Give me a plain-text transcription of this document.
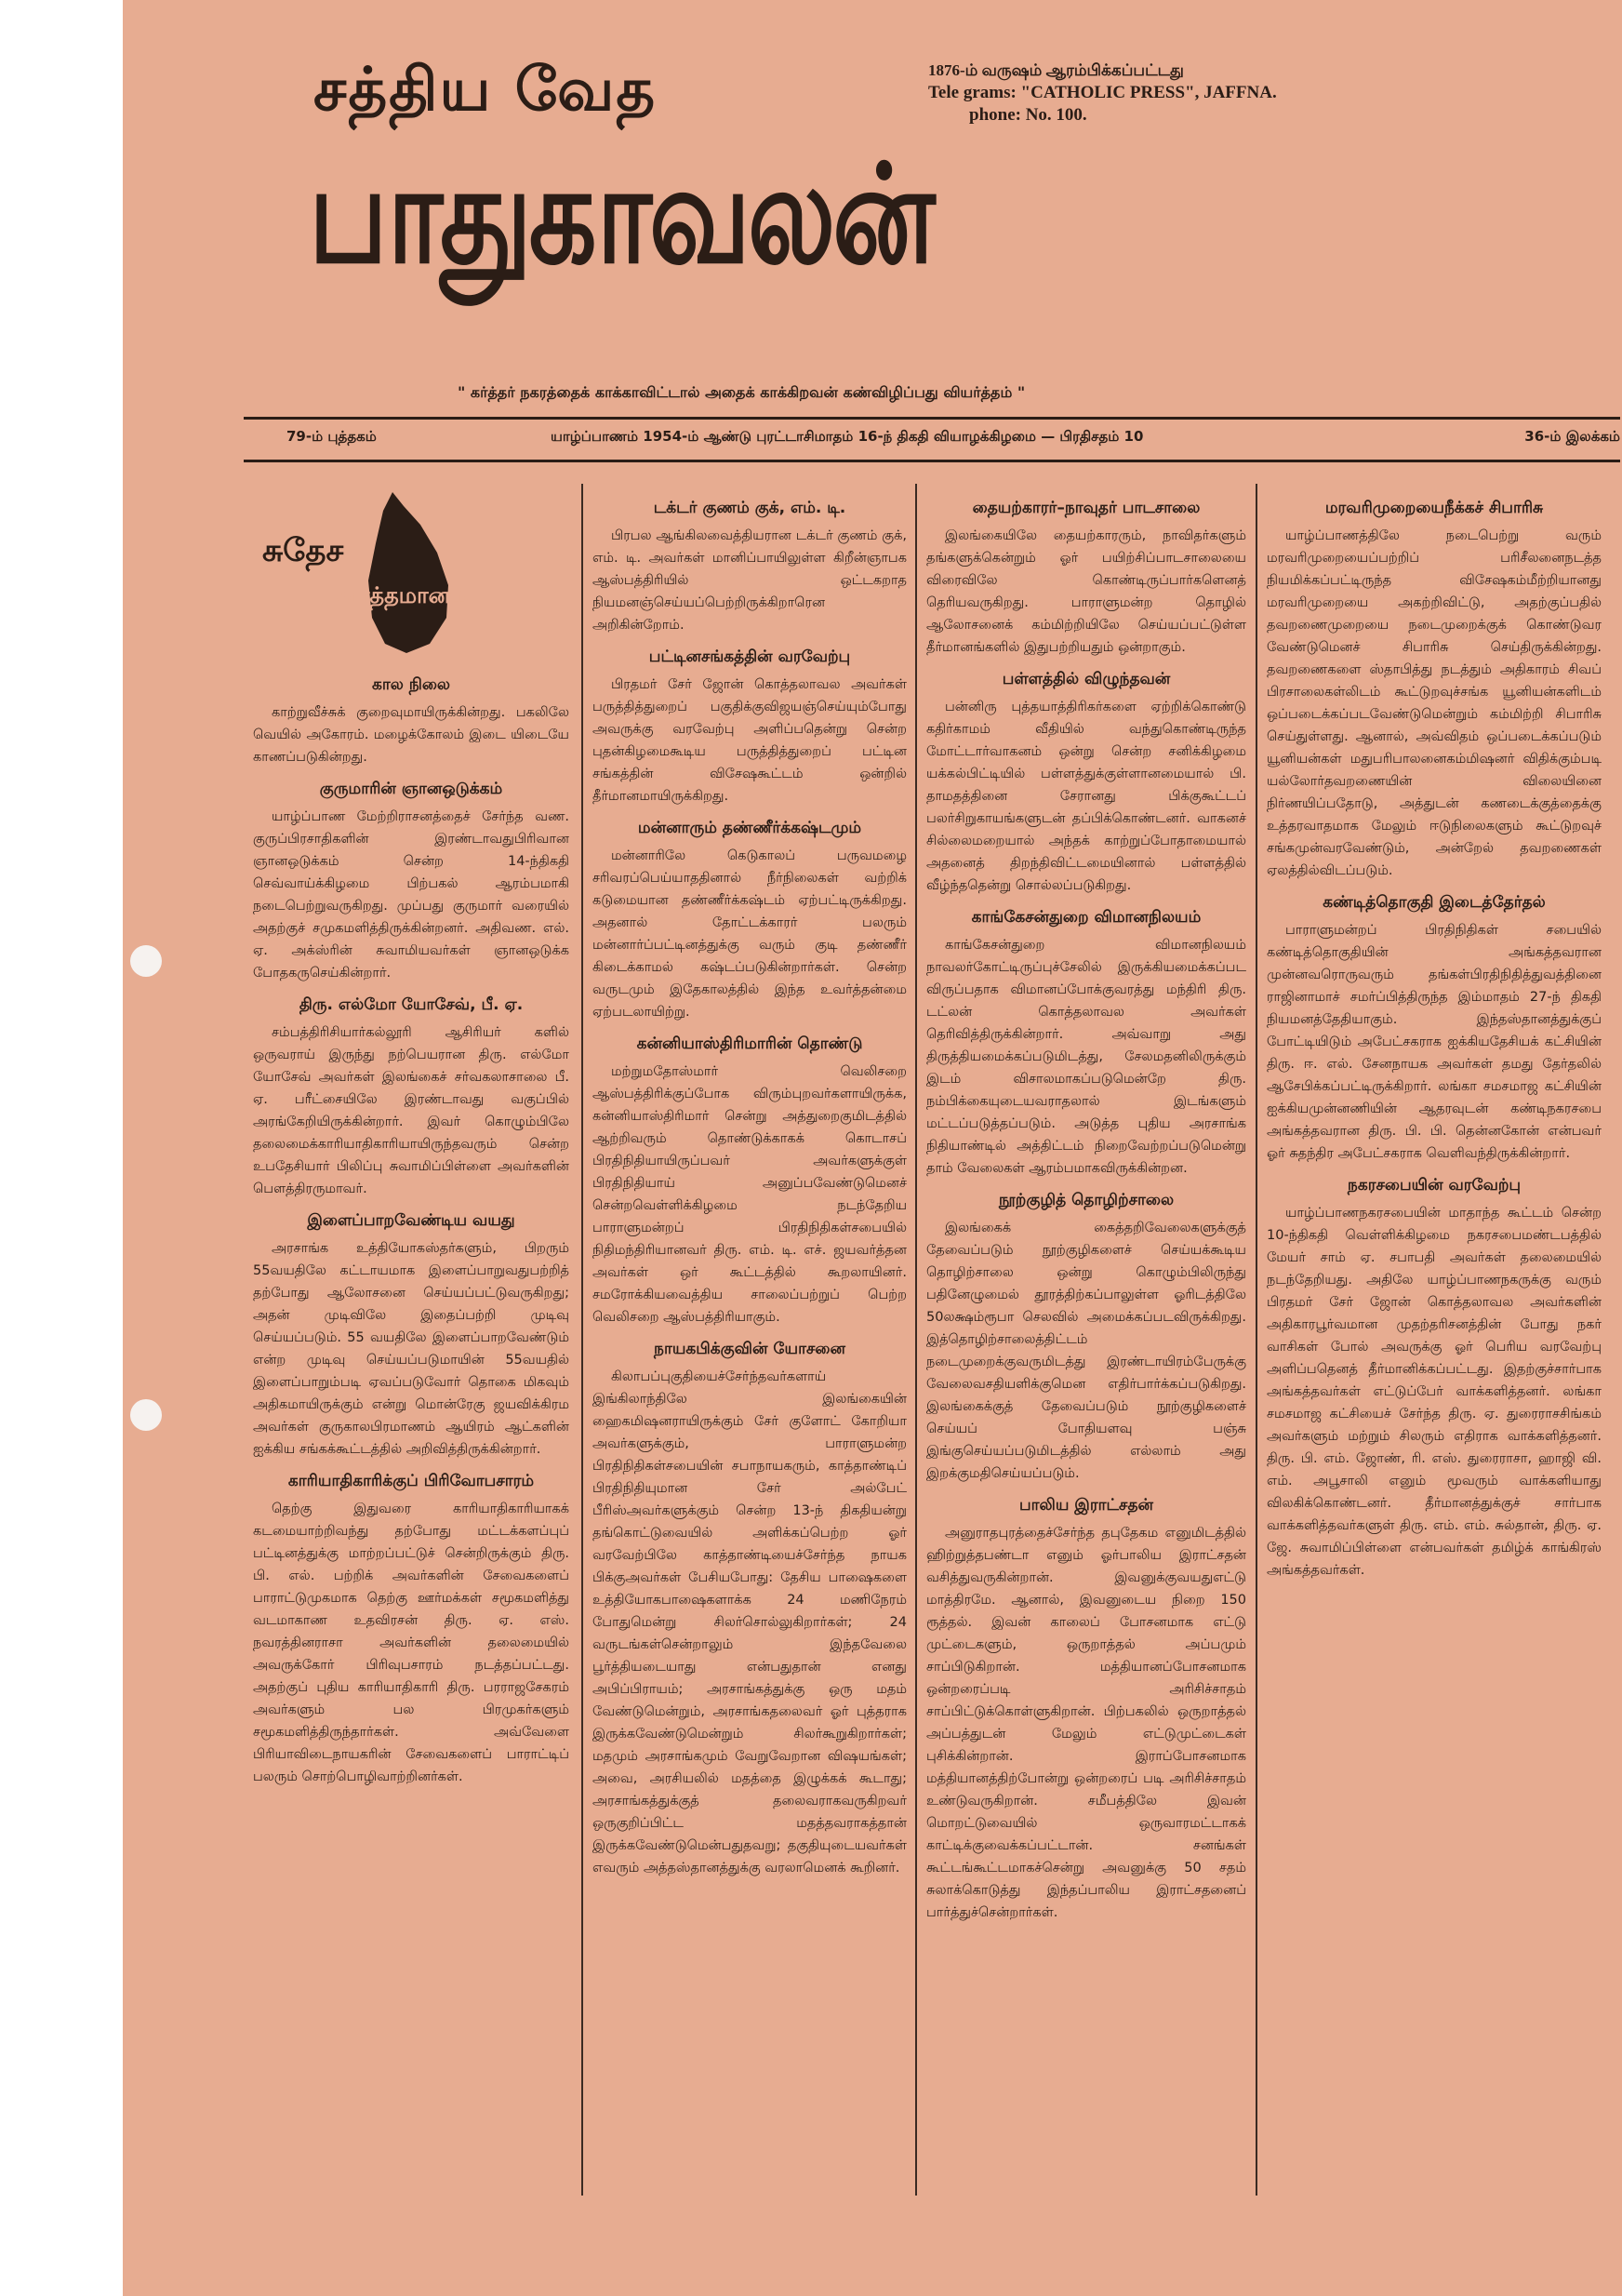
சத்திய வேத
பாதுகாவலன்
1876-ம் வருஷம் ஆரம்பிக்கப்பட்டது
Tele grams: "CATHOLIC PRESS", JAFFNA.
phone: No. 100.
" கர்த்தர் நகரத்தைக் காக்காவிட்டால் அதைக் காக்கிறவன் கண்விழிப்பது வியர்த்தம் "
79-ம் புத்தகம்	யாழ்ப்பாணம் 1954-ம் ஆண்டு புரட்டாசிமாதம் 16-ந் திகதி வியாழக்கிழமை — பிரதிசதம் 10	36-ம் இலக்கம்
சுதேச
வர்த்தமானம்
கால நிலை

காற்றுவீச்சுக் குறைவுமாயிருக்கின்றது. பகலிலே வெயில் அகோரம். மழைக்கோலம் இடை யிடையே காணப்படுகின்றது.

குருமாரின் ஞானஒடுக்கம்

யாழ்ப்பாண மேற்றிராசனத்தைச் சேர்ந்த வண. குருப்பிரசாதிகளின் இரண்டாவதுபிரிவான ஞானஒடுக்கம் சென்ற 14-ந்திகதி செவ்வாய்க்கிழமை பிற்பகல் ஆரம்பமாகி நடைபெற்றுவருகிறது. முப்பது குருமார் வரையில் அதற்குச் சமுகமளித்திருக்கின்றனர். அதிவண. எல். ஏ. அக்ஸ்ரின் சுவாமியவர்கள் ஞானஒடுக்க போதகருசெய்கின்றார்.

திரு. எல்மோ யோசேவ், பீ. ஏ.

சம்பத்திரிசியார்கல்லூரி ஆசிரியர் களில் ஒருவராய் இருந்து நற்பெயரான திரு. எல்மோ யோசேவ் அவர்கள் இலங்கைச் சர்வகலாசாலை பீ. ஏ. பரீட்சையிலே இரண்டாவது வகுப்பில் அரங்கேறியிருக்கின்றார். இவர் கொழும்பிலே தலைமைக்காரியாதிகாரியாயிருந்தவரும் சென்ற உபதேசியார் பிலிப்பு சுவாமிப்பிள்ளை அவர்களின் பௌத்திரருமாவர்.

இளைப்பாறவேண்டிய வயது

அரசாங்க உத்தியோகஸ்தர்களும், பிறரும் 55வயதிலே கட்டாயமாக இளைப்பாறுவதுபற்றித் தற்போது ஆலோசனை செய்யப்பட்டுவருகிறது; அதன் முடிவிலே இதைப்பற்றி முடிவு செய்யப்படும். 55 வயதிலே இளைப்பாறவேண்டும் என்ற முடிவு செய்யப்படுமாயின் 55வயதில் இளைப்பாறும்படி ஏவப்படுவோர் தொகை மிகவும் அதிகமாயிருக்கும் என்று மொன்ரேகு ஜயவிக்கிரம அவர்கள் குருகாலபிரமாணம் ஆயிரம் ஆட்களின் ஐக்கிய சங்கக்கூட்டத்தில் அறிவித்திருக்கின்றார்.

காரியாதிகாரிக்குப் பிரிவோபசாரம்

தெற்கு இதுவரை காரியாதிகாரியாகக் கடமையாற்றிவந்து தற்போது மட்டக்களப்புப் பட்டினத்துக்கு மாற்றப்பட்டுச் சென்றிருக்கும் திரு. பி. எல். பற்றிக் அவர்களின் சேவைகளைப் பாராட்டுமுகமாக தெற்கு ஊர்மக்கள் சமூகமளித்து வடமாகாண உதவிரசன் திரு. ஏ. எஸ். நவரத்தினராசா அவர்களின் தலைமையில் அவருக்கோர் பிரிவுபசாரம் நடத்தப்பட்டது. அதற்குப் புதிய காரியாதிகாரி திரு. பரராஜசேகரம் அவர்களும் பல பிரமுகர்களும் சமூகமளித்திருந்தார்கள். அவ்வேளை பிரியாவிடைநாயகரின் சேவைகளைப் பாராட்டிப் பலரும் சொற்பொழிவாற்றினர்கள்.

டக்டர் குணம் குக், எம். டி.

பிரபல ஆங்கிலவைத்தியரான டக்டர் குணம் குக், எம். டி. அவர்கள் மானிப்பாயிலுள்ள கிறீன்ஞாபக ஆஸ்பத்திரியில் ஒட்டகறாத நியமனஞ்செய்யப்பெற்றிருக்கிறாரென அறிகின்றோம்.

பட்டினசங்கத்தின் வரவேற்பு

பிரதமர் சேர் ஜோன் கொத்தலாவல அவர்கள் பருத்தித்துறைப் பகுதிக்குவிஜயஞ்செய்யும்போது அவருக்கு வரவேற்பு அளிப்பதென்று சென்ற புதன்கிழமைகூடிய பருத்தித்துறைப் பட்டின சங்கத்தின் விசேஷகூட்டம் ஒன்றில் தீர்மானமாயிருக்கிறது.

மன்னாரும் தண்ணீர்க்கஷ்டமும்

மன்னாரிலே கெடுகாலப் பருவமழை சரிவரப்பெய்யாததினால் நீர்நிலைகள் வற்றிக் கடுமையான தண்ணீர்க்கஷ்டம் ஏற்பட்டிருக்கிறது. அதனால் தோட்டக்காரர் பலரும் மன்னார்ப்பட்டினத்துக்கு வரும் குடி தண்ணீர் கிடைக்காமல் கஷ்டப்படுகின்றார்கள். சென்ற வருடமும் இதேகாலத்தில் இந்த உவர்த்தன்மை ஏற்படலாயிற்று.

கன்னியாஸ்திரிமாரின் தொண்டு

மற்றுமதோஸ்மார் வெலிசறை ஆஸ்பத்திரிக்குப்போக விரும்புறவர்களாயிருக்க, கன்னியாஸ்திரிமார் சென்று அத்துறைகுமிடத்தில் ஆற்றிவரும் தொண்டுக்காகக் கொடாசப் பிரதிநிதியாயிருப்பவர் அவர்களுக்குள் பிரதிநிதியாய் அனுப்பவேண்டுமெனச் சென்றவெள்ளிக்கிழமை நடந்தேறிய பாராளுமன்றப் பிரதிநிதிகள்சபையில் நிதிமந்திரியானவர் திரு. எம். டி. எச். ஜயவர்த்தன அவர்கள் ஒர் கூட்டத்தில் கூறலாயினர். சமரோக்கியவைத்திய சாலைப்பற்றுப் பெற்ற வெலிசறை ஆஸ்பத்திரியாகும்.

நாயகபிக்குவின் யோசனை

கிலாபப்புகுதியைச்சேர்ந்தவர்களாய் இங்கிலாந்திலே இலங்கையின் ஹைகமிஷனராயிருக்கும் சேர் குளோட் கோறியா அவர்களுக்கும், பாராளுமன்ற பிரதிநிதிகள்சபையின் சபாநாயகரும், காத்தாண்டிப் பிரதிநிதியுமான சேர் அல்பேட் பீரிஸ்அவர்களுக்கும் சென்ற 13-ந் திகதியன்று தங்கொட்டுவையில் அளிக்கப்பெற்ற ஓர் வரவேற்பிலே காத்தாண்டியைச்சேர்ந்த நாயக பிக்குஅவர்கள் பேசியபோது: தேசிய பாஷைகளை உத்தியோகபாஷைகளாக்க 24 மணிநேரம் போதுமென்று சிலர்சொல்லுகிறார்கள்; 24 வருடங்கள்சென்றாலும் இந்தவேலை பூர்த்தியடையாது என்பதுதான் எனது அபிப்பிராயம்; அரசாங்கத்துக்கு ஒரு மதம் வேண்டுமென்றும், அரசாங்கதலைவர் ஓர் புத்தராக இருக்கவேண்டுமென்றும் சிலர்கூறுகிறார்கள்; மதமும் அரசாங்கமும் வேறுவேறான விஷயங்கள்; அவை, அரசியலில் மதத்தை இழுக்கக் கூடாது; அரசாங்கத்துக்குத் தலைவராகவருகிறவர் ஒருகுறிப்பிட்ட மதத்தவராகத்தான் இருக்கவேண்டுமென்பதுதவறு; தகுதியுடையவர்கள் எவரும் அத்தஸ்தானத்துக்கு வரலாமெனக் கூறினர்.

தையற்காரர்–நாவுதர் பாடசாலை

இலங்கையிலே தையற்காரரும், நாவிதர்களும் தங்களுக்கென்றும் ஓர் பயிற்சிப்பாடசாலையை விரைவிலே கொண்டிருப்பார்களெனத் தெரியவருகிறது. பாராளுமன்ற தொழில் ஆலோசனைக் கம்மிற்றியிலே செய்யப்பட்டுள்ள தீர்மானங்களில் இதுபற்றியதும் ஒன்றாகும்.

பள்ளத்தில் விழுந்தவன்

பன்னிரு புத்தயாத்திரிகர்களை ஏற்றிக்கொண்டு கதிர்காமம் வீதியில் வந்துகொண்டிருந்த மோட்டார்வாகனம் ஒன்று சென்ற சனிக்கிழமை யக்கல்பிட்டியில் பள்ளத்துக்குள்ளானமையால் பி. தாமதத்தினை சேரானது பிக்குகூட்டப் பலர்சிறுகாயங்களுடன் தப்பிக்கொண்டனர். வாகனச் சில்லைமறையால் அந்தக் காற்றுப்போதாமையால் அதனைத் திறந்திவிட்டமையினால் பள்ளத்தில் வீழ்ந்ததென்று சொல்லப்படுகிறது.

காங்கேசன்துறை விமானநிலயம்

காங்கேசன்துறை விமானநிலயம் நாவலர்கோட்டிருப்புச்சேலில் இருக்கியமைக்கப்பட விருப்பதாக விமானப்போக்குவரத்து மந்திரி திரு. டட்லன் கொத்தலாவல அவர்கள் தெரிவித்திருக்கின்றார். அவ்வாறு அது திருத்தியமைக்கப்படுமிடத்து, சேலமதனிலிருக்கும் இடம் விசாலமாகப்படுமென்றே திரு. நம்பிக்கையுடையவராதலால் இடங்களும் மட்டப்படுத்தப்படும். அடுத்த புதிய அரசாங்க நிதியாண்டில் அத்திட்டம் நிறைவேற்றப்படுமென்று தாம் வேலைகள் ஆரம்பமாகவிருக்கின்றன.

நூற்குழித் தொழிற்சாலை

இலங்கைக் கைத்தறிவேலைகளுக்குத் தேவைப்படும் நூற்குழிகளைச் செய்யக்கூடிய தொழிற்சாலை ஒன்று கொழும்பிலிருந்து பதினேழுமைல் தூரத்திற்கப்பாலுள்ள ஓரிடத்திலே 50லக்ஷம்ரூபா செலவில் அமைக்கப்படவிருக்கிறது. இத்தொழிற்சாலைத்திட்டம் நடைமுறைக்குவருமிடத்து இரண்டாயிரம்பேருக்கு வேலைவசதியளிக்குமென எதிர்பார்க்கப்படுகிறது. இலங்கைக்குத் தேவைப்படும் நூற்குழிகளைச் செய்யப் போதியளவு பஞ்சு இங்குசெய்யப்படுமிடத்தில் எல்லாம் அது இறக்குமதிசெய்யப்படும்.

பாலிய இராட்சதன்

அனுராதபுரத்தைச்சேர்ந்த தபுதேகம எனுமிடத்தில் ஹிற்றுத்தபண்டா எனும் ஓர்பாலிய இராட்சதன் வசித்துவருகின்றான். இவனுக்குவயதுஎட்டு மாத்திரமே. ஆனால், இவனுடைய நிறை 150 ரூத்தல். இவன் காலைப் போசனமாக எட்டு முட்டைகளும், ஒருறாத்தல் அப்பமும் சாப்பிடுகிறான். மத்தியானப்போசனமாக ஒன்றரைப்படி அரிசிச்சாதம் சாப்பிட்டுக்கொள்ளுகிறான். பிற்பகலில் ஒருறாத்தல் அப்பத்துடன் மேலும் எட்டுமுட்டைகள் புசிக்கின்றான். இராப்போசனமாக மத்தியானத்திற்போன்று ஒன்றரைப் படி அரிசிச்சாதம் உண்டுவருகிறான். சமீபத்திலே இவன் மொறட்டுவையில் ஒருவாரமட்டாகக் காட்டிக்குவைக்கப்பட்டான். சனங்கள் கூட்டங்கூட்டமாகச்சென்று அவனுக்கு 50 சதம் சுலாக்கொடுத்து இந்தப்பாலிய இராட்சதனைப் பார்த்துச்சென்றார்கள்.

மரவரிமுறையைநீக்கச் சிபாரிசு

யாழ்ப்பாணத்திலே நடைபெற்று வரும் மரவரிமுறையைப்பற்றிப் பரிசீலனைநடத்த நியமிக்கப்பட்டிருந்த விசேஷகம்மீற்றியானது மரவரிமுறையை அகற்றிவிட்டு, அதற்குப்பதில் தவறணைமுறையை நடைமுறைக்குக் கொண்டுவர வேண்டுமெனச் சிபாரிசு செய்திருக்கின்றது. தவறணைகளை ஸ்தாபித்து நடத்தும் அதிகாரம் சிவப் பிரசாலைகள்லிடம் கூட்டுறவுச்சங்க யூனியன்களிடம் ஒப்படைக்கப்படவேண்டுமென்றும் கம்மிற்றி சிபாரிசு செய்துள்ளது. ஆனால், அவ்விதம் ஒப்படைக்கப்படும் யூனியன்கள் மதுபரிபாலனைகம்மிஷனர் விதிக்கும்படி யல்லோர்தவறணையின் விலையினை நிர்ணயிப்பதோடு, அத்துடன் கணடைக்குத்தைக்கு உத்தரவாதமாக மேலும் ஈடுநிலைகளும் கூட்டுறவுச் சங்கமுன்வரவேண்டும், அன்றேல் தவறணைகள் ஏலத்தில்விடப்படும்.

கண்டித்தொகுதி இடைத்தேர்தல்

பாராளுமன்றப் பிரதிநிதிகள் சபையில் கண்டித்தொகுதியின் அங்கத்தவரான முன்னவரொருவரும் தங்கள்பிரதிநிதித்துவத்தினை ராஜினாமாச் சமர்ப்பித்திருந்த இம்மாதம் 27-ந் திகதி நியமனத்தேதியாகும். இந்தஸ்தானத்துக்குப் போட்டியிடும் அபேட்சகராக ஐக்கியதேசியக் கட்சியின் திரு. ஈ. எல். சேனநாயக அவர்கள் தமது தேர்தலில் ஆசேபிக்கப்பட்டிருக்கிறார். லங்கா சமசமாஜ கட்சியின் ஐக்கியமுன்னணியின் ஆதரவுடன் கண்டிநகரசபை அங்கத்தவரான திரு. பி. பி. தென்னகோன் என்பவர் ஓர் சுதந்திர அபேட்சகராக வெளிவந்திருக்கின்றார்.

நகரசபையின் வரவேற்பு

யாழ்ப்பாணநகரசபையின் மாதாந்த கூட்டம் சென்ற 10-ந்திகதி வெள்ளிக்கிழமை நகரசபைமண்டபத்தில் மேயர் சாம் ஏ. சபாபதி அவர்கள் தலைமையில் நடந்தேறியது. அதிலே யாழ்ப்பாணநகருக்கு வரும் பிரதமர் சேர் ஜோன் கொத்தலாவல அவர்களின் அதிகாரபூர்வமான முதற்தரிசனத்தின் போது நகர் வாசிகள் போல் அவருக்கு ஓர் பெரிய வரவேற்பு அளிப்பதெனத் தீர்மானிக்கப்பட்டது. இதற்குச்சார்பாக அங்கத்தவர்கள் எட்டுப்பேர் வாக்களித்தனர். லங்கா சமசமாஜ கட்சியைச் சேர்ந்த திரு. ஏ. துரைராசசிங்கம் அவர்களும் மற்றும் சிலரும் எதிராக வாக்களித்தனர். திரு. பி. எம். ஜோண், ரி. எஸ். துரைராசா, ஹாஜி வி. எம். அபூசாலி எனும் மூவரும் வாக்களியாது விலகிக்கொண்டனர். தீர்மானத்துக்குச் சார்பாக வாக்களித்தவர்களுள் திரு. எம். எம். சுல்தான், திரு. ஏ. ஜே. சுவாமிப்பிள்ளை என்பவர்கள் தமிழ்க் காங்கிரஸ் அங்கத்தவர்கள்.
